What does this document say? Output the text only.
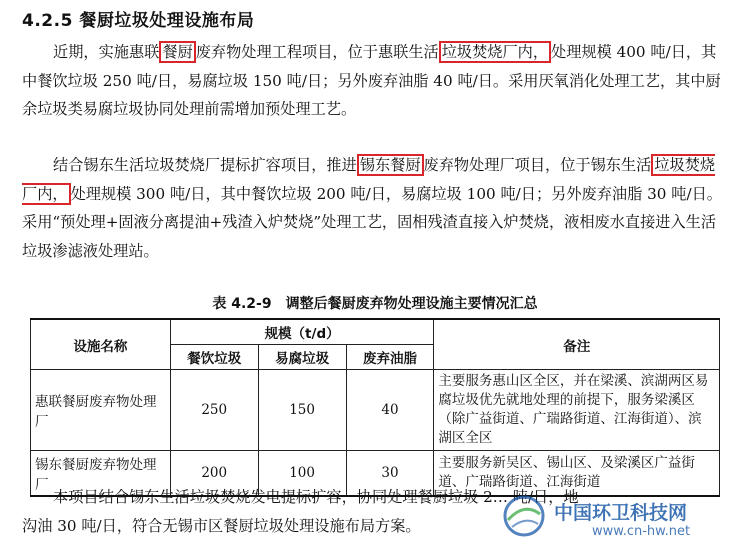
4.2.5 餐厨垃圾处理设施布局

近期，实施惠联 餐厨 废弃物处理工程项目，位于惠联生活 垃圾焚烧厂内， 处理规模 400 吨/日，其中餐饮垃圾 250 吨/日，易腐垃圾 150 吨/日；另外废弃油脂 40 吨/日。采用厌氧消化处理工艺，其中厨余垃圾类易腐垃圾协同处理前需增加预处理工艺。

结合锡东生活垃圾焚烧厂提标扩容项目，推进 锡东餐厨 废弃物处理厂项目，位于锡东生活 垃圾焚烧厂内， 处理规模 300 吨/日，其中餐饮垃圾 200 吨/日，易腐垃圾 100 吨/日；另外废弃油脂 30 吨/日。采用“预处理+固液分离提油+残渣入炉焚烧”处理工艺，固相残渣直接入炉焚烧，液相废水直接进入生活垃圾渗滤液处理站。

表 4.2-9　调整后餐厨废弃物处理设施主要情况汇总
设施名称	规模（t/d）			备注
	餐饮垃圾	易腐垃圾	废弃油脂	
惠联餐厨废弃物处理厂	250	150	40	主要服务惠山区全区，并在梁溪、滨湖两区易腐垃圾优先就地处理的前提下，服务梁溪区（除广益街道、广瑞路街道、江海街道）、滨湖区全区
锡东餐厨废弃物处理厂	200	100	30	主要服务新吴区、锡山区、及梁溪区广益街道、广瑞路街道、江海街道

本项目结合锡东生活垃圾焚烧发电提标扩容，协同处理餐厨垃圾 2… 吨/日，地沟油 30 吨/日，符合无锡市区餐厨垃圾处理设施布局方案。

中国环卫科技网
www.cn-hw.net
